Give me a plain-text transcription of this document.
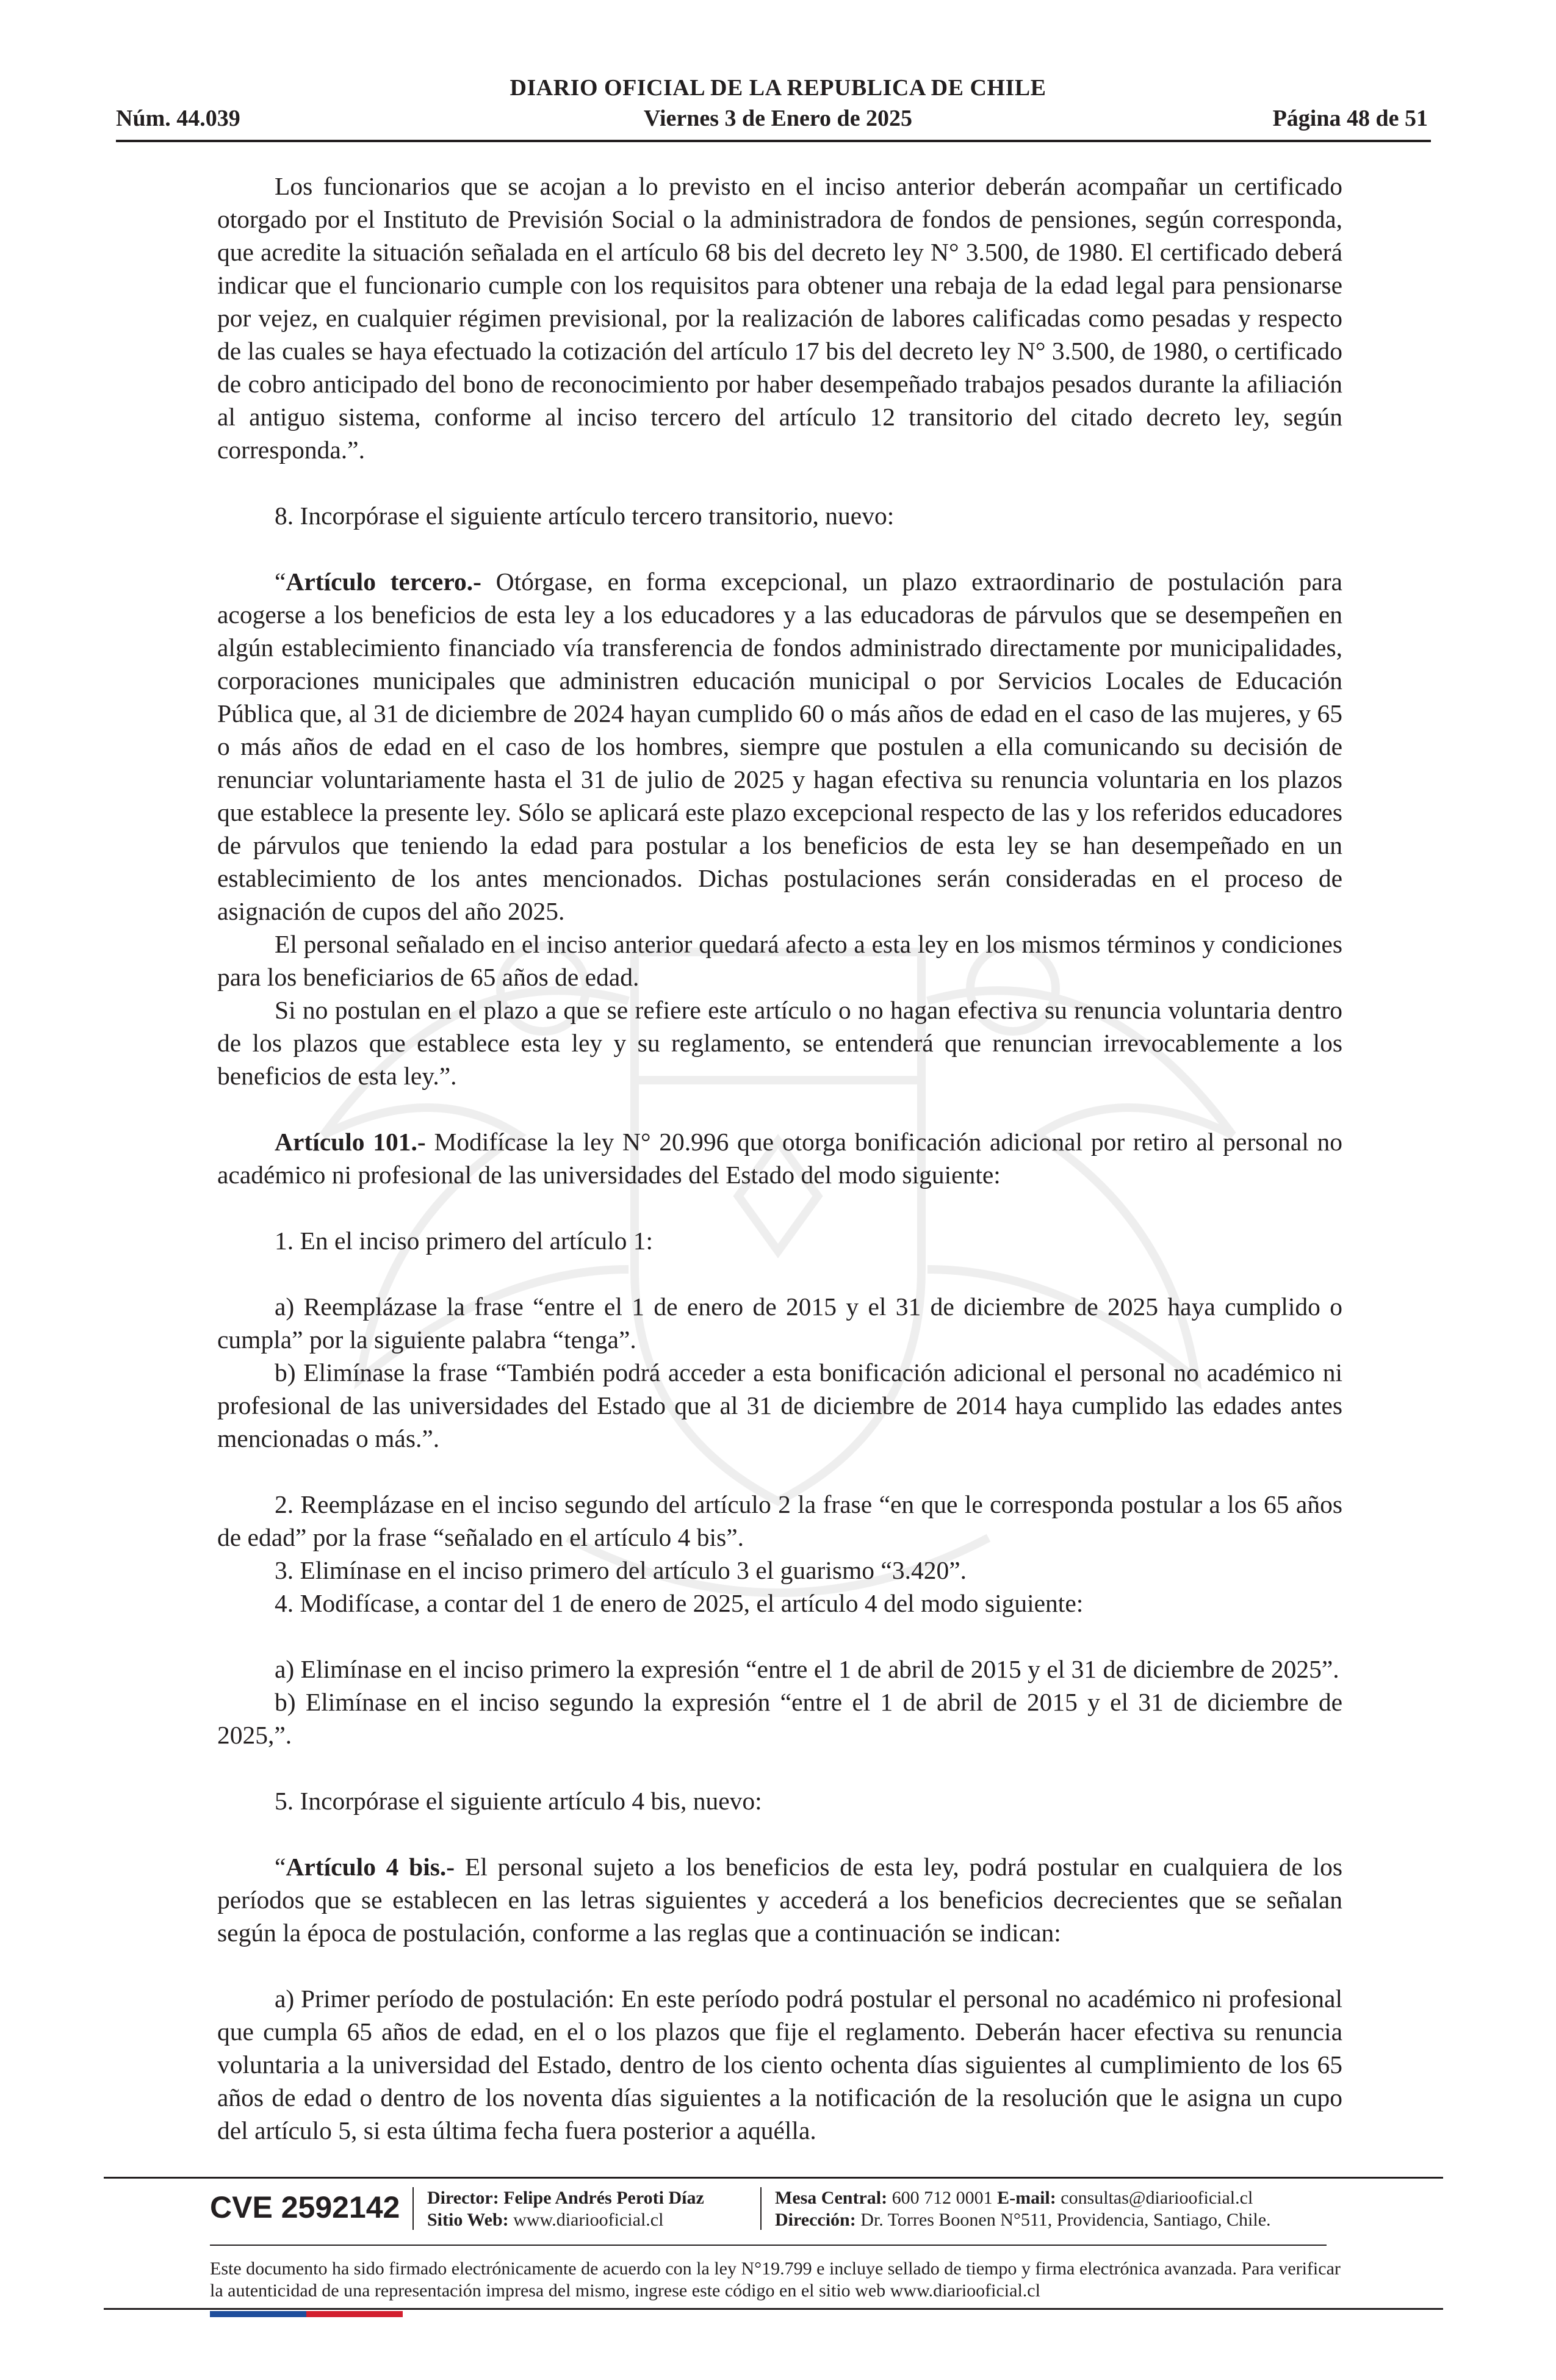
DIARIO OFICIAL DE LA REPUBLICA DE CHILE
Núm. 44.039	Viernes 3 de Enero de 2025	Página 48 de 51

Los funcionarios que se acojan a lo previsto en el inciso anterior deberán acompañar un certificado otorgado por el Instituto de Previsión Social o la administradora de fondos de pensiones, según corresponda, que acredite la situación señalada en el artículo 68 bis del decreto ley N° 3.500, de 1980. El certificado deberá indicar que el funcionario cumple con los requisitos para obtener una rebaja de la edad legal para pensionarse por vejez, en cualquier régimen previsional, por la realización de labores calificadas como pesadas y respecto de las cuales se haya efectuado la cotización del artículo 17 bis del decreto ley N° 3.500, de 1980, o certificado de cobro anticipado del bono de reconocimiento por haber desempeñado trabajos pesados durante la afiliación al antiguo sistema, conforme al inciso tercero del artículo 12 transitorio del citado decreto ley, según corresponda.”.

8. Incorpórase el siguiente artículo tercero transitorio, nuevo:

“Artículo tercero.- Otórgase, en forma excepcional, un plazo extraordinario de postulación para acogerse a los beneficios de esta ley a los educadores y a las educadoras de párvulos que se desempeñen en algún establecimiento financiado vía transferencia de fondos administrado directamente por municipalidades, corporaciones municipales que administren educación municipal o por Servicios Locales de Educación Pública que, al 31 de diciembre de 2024 hayan cumplido 60 o más años de edad en el caso de las mujeres, y 65 o más años de edad en el caso de los hombres, siempre que postulen a ella comunicando su decisión de renunciar voluntariamente hasta el 31 de julio de 2025 y hagan efectiva su renuncia voluntaria en los plazos que establece la presente ley. Sólo se aplicará este plazo excepcional respecto de las y los referidos educadores de párvulos que teniendo la edad para postular a los beneficios de esta ley se han desempeñado en un establecimiento de los antes mencionados. Dichas postulaciones serán consideradas en el proceso de asignación de cupos del año 2025.

El personal señalado en el inciso anterior quedará afecto a esta ley en los mismos términos y condiciones para los beneficiarios de 65 años de edad.

Si no postulan en el plazo a que se refiere este artículo o no hagan efectiva su renuncia voluntaria dentro de los plazos que establece esta ley y su reglamento, se entenderá que renuncian irrevocablemente a los beneficios de esta ley.”.

Artículo 101.- Modifícase la ley N° 20.996 que otorga bonificación adicional por retiro al personal no académico ni profesional de las universidades del Estado del modo siguiente:

1. En el inciso primero del artículo 1:

a) Reemplázase la frase “entre el 1 de enero de 2015 y el 31 de diciembre de 2025 haya cumplido o cumpla” por la siguiente palabra “tenga”.

b) Elimínase la frase “También podrá acceder a esta bonificación adicional el personal no académico ni profesional de las universidades del Estado que al 31 de diciembre de 2014 haya cumplido las edades antes mencionadas o más.”.

2. Reemplázase en el inciso segundo del artículo 2 la frase “en que le corresponda postular a los 65 años de edad” por la frase “señalado en el artículo 4 bis”.

3. Elimínase en el inciso primero del artículo 3 el guarismo “3.420”.

4. Modifícase, a contar del 1 de enero de 2025, el artículo 4 del modo siguiente:

a) Elimínase en el inciso primero la expresión “entre el 1 de abril de 2015 y el 31 de diciembre de 2025”.

b) Elimínase en el inciso segundo la expresión “entre el 1 de abril de 2015 y el 31 de diciembre de 2025,”.

5. Incorpórase el siguiente artículo 4 bis, nuevo:

“Artículo 4 bis.- El personal sujeto a los beneficios de esta ley, podrá postular en cualquiera de los períodos que se establecen en las letras siguientes y accederá a los beneficios decrecientes que se señalan según la época de postulación, conforme a las reglas que a continuación se indican:

a) Primer período de postulación: En este período podrá postular el personal no académico ni profesional que cumpla 65 años de edad, en el o los plazos que fije el reglamento. Deberán hacer efectiva su renuncia voluntaria a la universidad del Estado, dentro de los ciento ochenta días siguientes al cumplimiento de los 65 años de edad o dentro de los noventa días siguientes a la notificación de la resolución que le asigna un cupo del artículo 5, si esta última fecha fuera posterior a aquélla.

CVE 2592142 Director: Felipe Andrés Peroti Díaz
Sitio Web: www.diariooficial.cl
Mesa Central: 600 712 0001 E-mail: consultas@diariooficial.cl
Dirección: Dr. Torres Boonen N°511, Providencia, Santiago, Chile.
Este documento ha sido firmado electrónicamente de acuerdo con la ley N°19.799 e incluye sellado de tiempo y firma electrónica avanzada. Para verificar la autenticidad de una representación impresa del mismo, ingrese este código en el sitio web www.diariooficial.cl
